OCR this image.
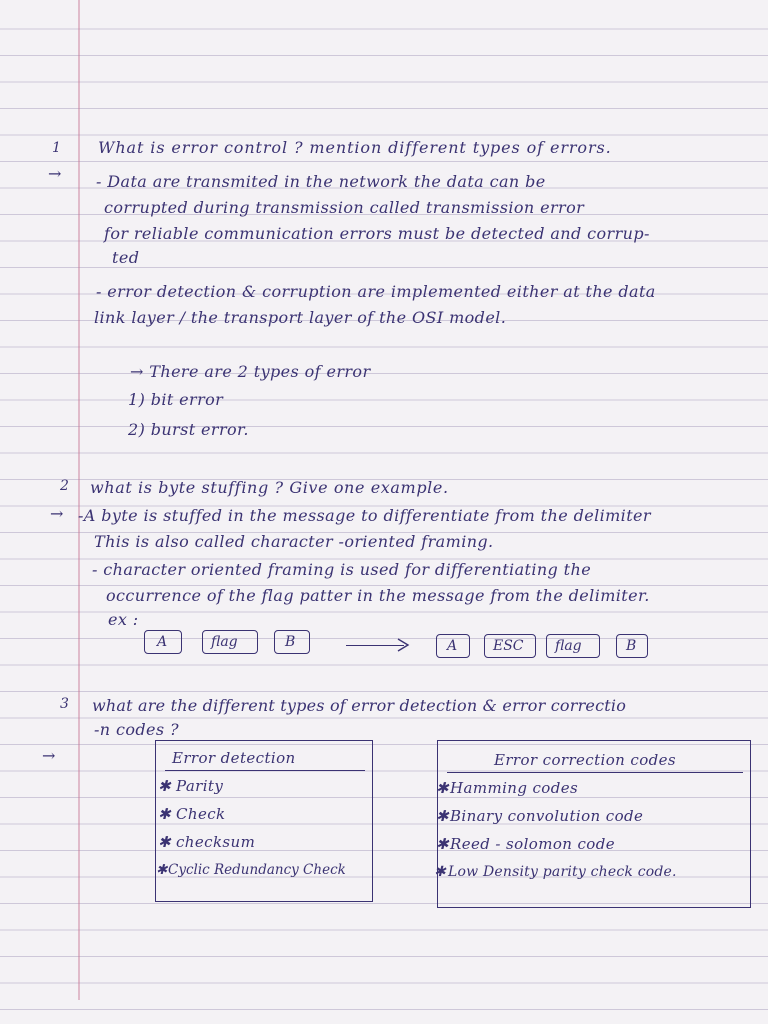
1 What is error control ? mention different types of errors.
→ - Data are transmited in the network the data can be
corrupted during transmission called transmission error
for reliable communication errors must be detected and corrup-
ted
- error detection & corruption are implemented either at the data
link layer / the transport layer of the OSI model.
→ There are 2 types of error
1) bit error
2) burst error.
2 what is byte stuffing ? Give one example.
→ -A byte is stuffed in the message to differentiate from the delimiter
This is also called character -oriented framing.
- character oriented framing is used for differentiating the
occurrence of the flag patter in the message from the delimiter.
ex :
A	flag	B	A	ESC flag	B
3 what are the different types of error detection & error correctio
-n codes ?
→	Error detection
✱ Parity
✱ Check
✱ checksum
✱ Cyclic Redundancy Check
Error correction codes
✱ Hamming codes
✱ Binary convolution code
✱ Reed - solomon code
✱ Low Density parity check code.
